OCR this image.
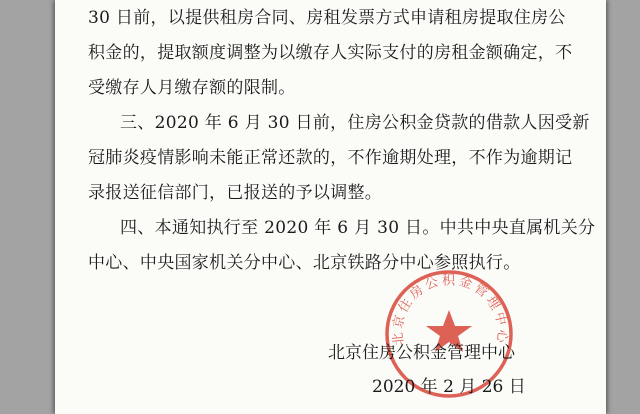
30 日前，以提供租房合同、房租发票方式申请租房提取住房公
积金的，提取额度调整为以缴存人实际支付的房租金额确定，不
受缴存人月缴存额的限制。
三、2020 年 6 月 30 日前，住房公积金贷款的借款人因受新
冠肺炎疫情影响未能正常还款的，不作逾期处理，不作为逾期记
录报送征信部门，已报送的予以调整。
四、本通知执行至 2020 年 6 月 30 日。中共中央直属机关分
中心、中央国家机关分中心、北京铁路分中心参照执行。
北京住房公积金管理中心
北京住房公积金管理中心
2020 年 2 月 26 日
